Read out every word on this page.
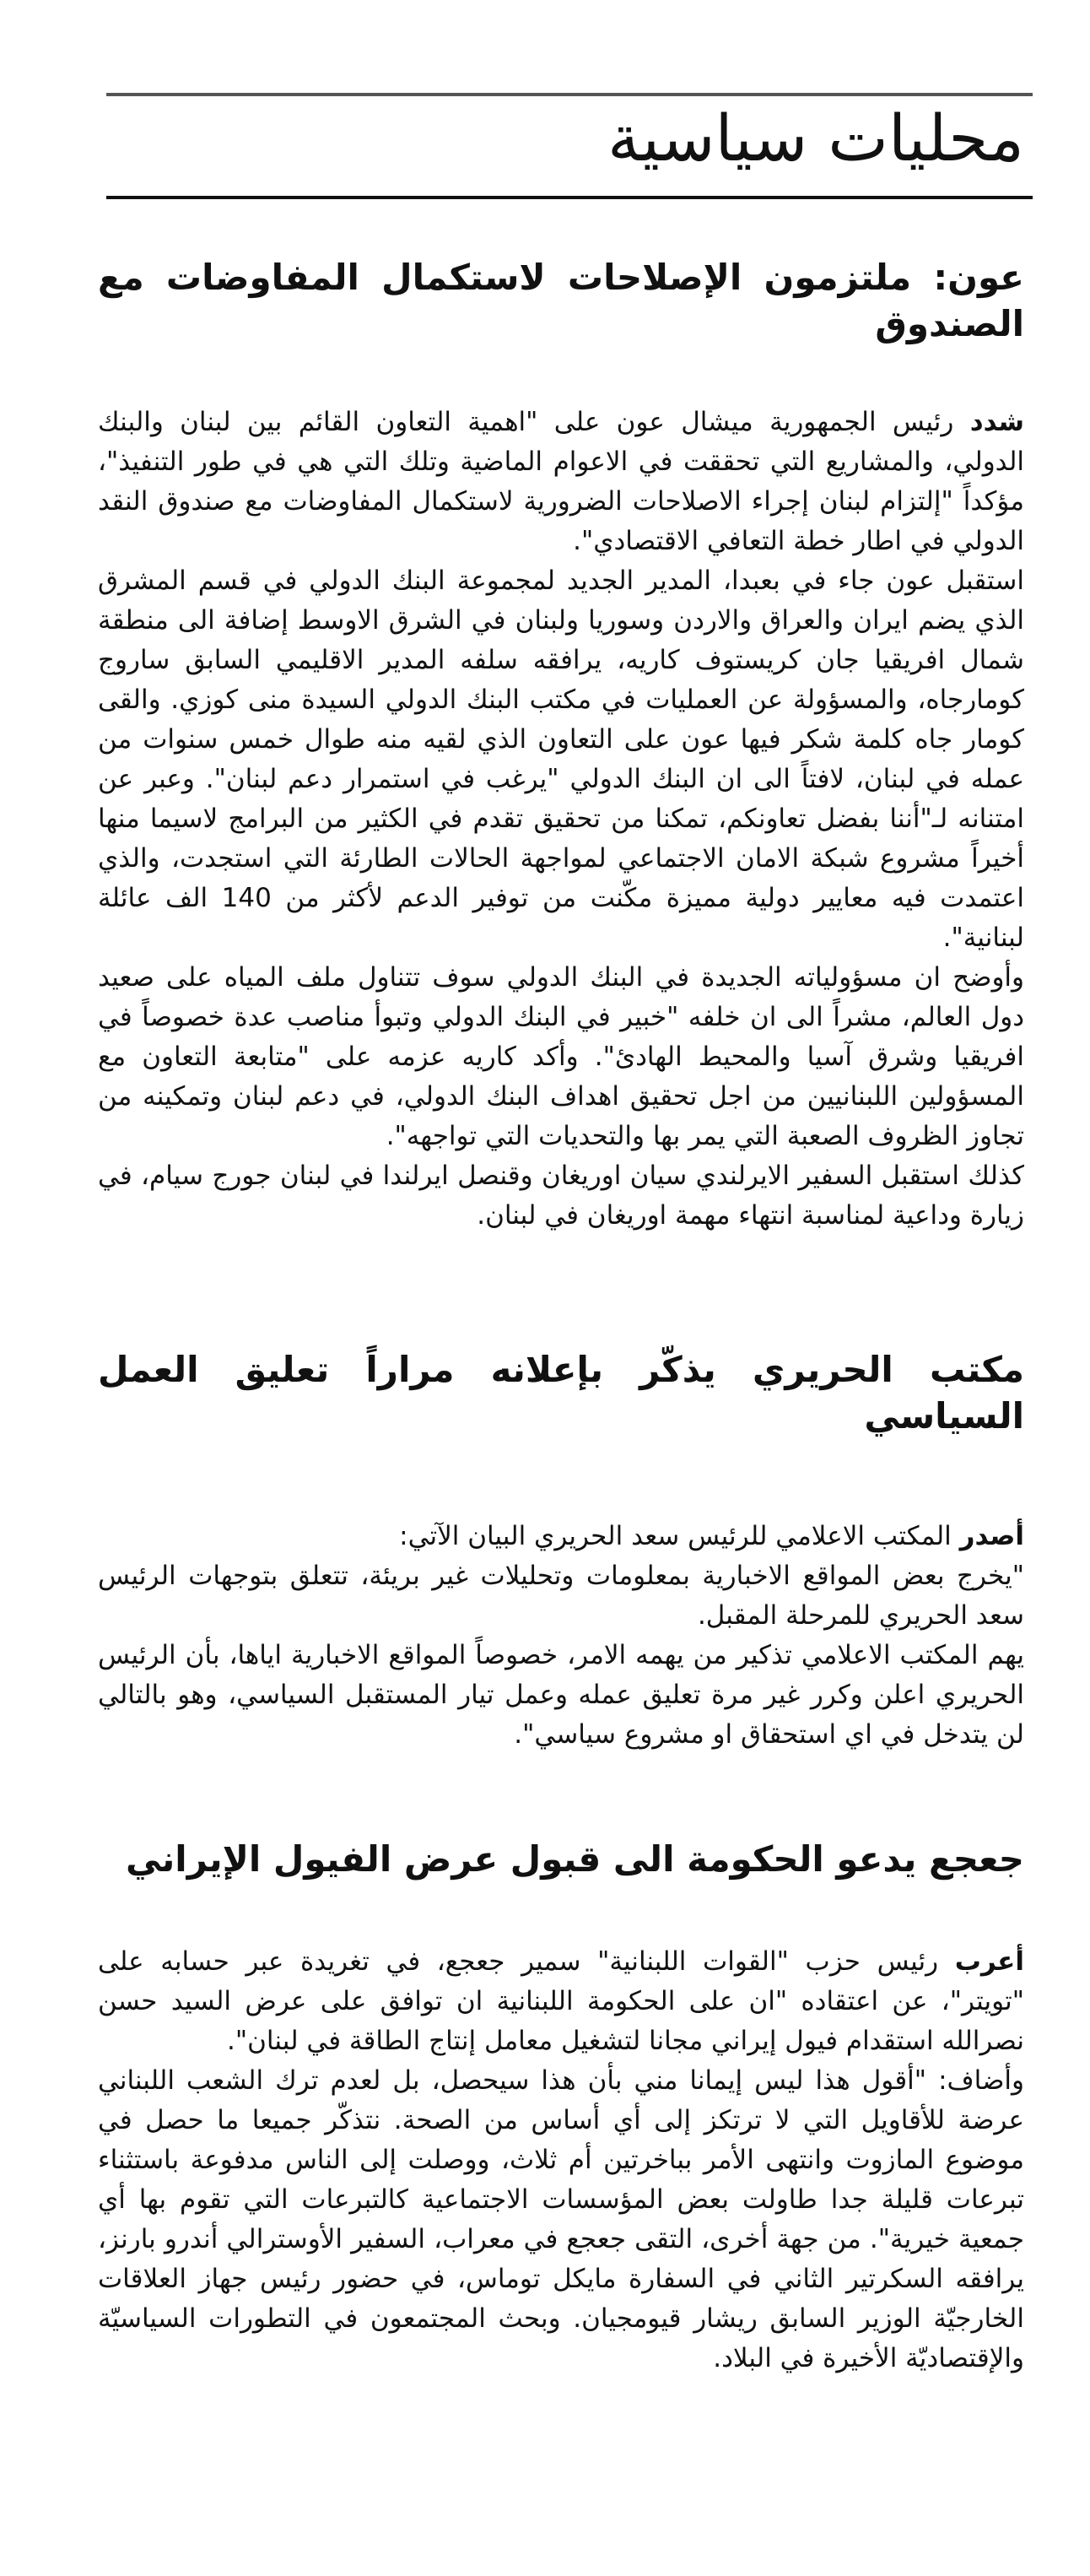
محليات سياسية
عون: ملتزمون الإصلاحات لاستكمال المفاوضات مع الصندوق

شدد رئيس الجمهورية ميشال عون على "اهمية التعاون القائم بين لبنان والبنك الدولي، والمشاريع التي تحققت في الاعوام الماضية وتلك التي هي في طور التنفيذ"، مؤكداً "إلتزام لبنان إجراء الاصلاحات الضرورية لاستكمال المفاوضات مع صندوق النقد الدولي في اطار خطة التعافي الاقتصادي".

استقبل عون جاء في بعبدا، المدير الجديد لمجموعة البنك الدولي في قسم المشرق الذي يضم ايران والعراق والاردن وسوريا ولبنان في الشرق الاوسط إضافة الى منطقة شمال افريقيا جان كريستوف كاريه، يرافقه سلفه المدير الاقليمي السابق ساروج كومارجاه، والمسؤولة عن العمليات في مكتب البنك الدولي السيدة منى كوزي. والقى كومار جاه كلمة شكر فيها عون على التعاون الذي لقيه منه طوال خمس سنوات من عمله في لبنان، لافتاً الى ان البنك الدولي "يرغب في استمرار دعم لبنان". وعبر عن امتنانه لـ"أننا بفضل تعاونكم، تمكنا من تحقيق تقدم في الكثير من البرامج لاسيما منها أخيراً مشروع شبكة الامان الاجتماعي لمواجهة الحالات الطارئة التي استجدت، والذي اعتمدت فيه معايير دولية مميزة مكّنت من توفير الدعم لأكثر من 140 الف عائلة لبنانية".

وأوضح ان مسؤولياته الجديدة في البنك الدولي سوف تتناول ملف المياه على صعيد دول العالم، مشراً الى ان خلفه "خبير في البنك الدولي وتبوأ مناصب عدة خصوصاً في افريقيا وشرق آسيا والمحيط الهادئ". وأكد كاريه عزمه على "متابعة التعاون مع المسؤولين اللبنانيين من اجل تحقيق اهداف البنك الدولي، في دعم لبنان وتمكينه من تجاوز الظروف الصعبة التي يمر بها والتحديات التي تواجهه".

كذلك استقبل السفير الايرلندي سيان اوريغان وقنصل ايرلندا في لبنان جورج سيام، في زيارة وداعية لمناسبة انتهاء مهمة اوريغان في لبنان.

مكتب الحريري يذكّر بإعلانه مراراً تعليق العمل السياسي

أصدر المكتب الاعلامي للرئيس سعد الحريري البيان الآتي:

"يخرج بعض المواقع الاخبارية بمعلومات وتحليلات غير بريئة، تتعلق بتوجهات الرئيس سعد الحريري للمرحلة المقبل.

يهم المكتب الاعلامي تذكير من يهمه الامر، خصوصاً المواقع الاخبارية اياها، بأن الرئيس الحريري اعلن وكرر غير مرة تعليق عمله وعمل تيار المستقبل السياسي، وهو بالتالي لن يتدخل في اي استحقاق او مشروع سياسي".

جعجع يدعو الحكومة الى قبول عرض الفيول الإيراني

أعرب رئيس حزب "القوات اللبنانية" سمير جعجع، في تغريدة عبر حسابه على "تويتر"، عن اعتقاده "ان على الحكومة اللبنانية ان توافق على عرض السيد حسن نصرالله استقدام فيول إيراني مجانا لتشغيل معامل إنتاج الطاقة في لبنان".

وأضاف: "أقول هذا ليس إيمانا مني بأن هذا سيحصل، بل لعدم ترك الشعب اللبناني عرضة للأقاويل التي لا ترتكز إلى أي أساس من الصحة. نتذكّر جميعا ما حصل في موضوع المازوت وانتهى الأمر بباخرتين أم ثلاث، ووصلت إلى الناس مدفوعة باستثناء تبرعات قليلة جدا طاولت بعض المؤسسات الاجتماعية كالتبرعات التي تقوم بها أي جمعية خيرية". من جهة أخرى، التقى جعجع في معراب، السفير الأوسترالي أندرو بارنز، يرافقه السكرتير الثاني في السفارة مايكل توماس، في حضور رئيس جهاز العلاقات الخارجيّة الوزير السابق ريشار قيومجيان. وبحث المجتمعون في التطورات السياسيّة والإقتصاديّة الأخيرة في البلاد.
